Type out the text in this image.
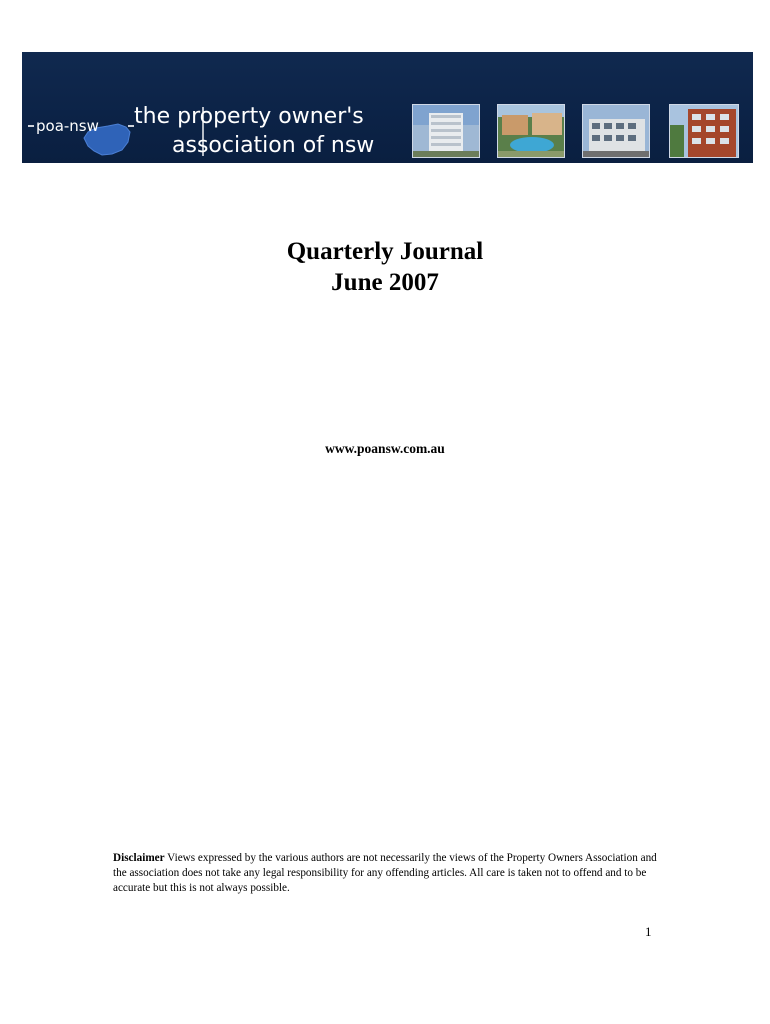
poa-nsw the property owner's
association of nsw
Quarterly Journal
June 2007
www.poansw.com.au
Disclaimer Views expressed by the various authors are not necessarily the views of the Property Owners Association and the association does not take any legal responsibility for any offending articles. All care is taken not to offend and to be accurate but this is not always possible.
1
